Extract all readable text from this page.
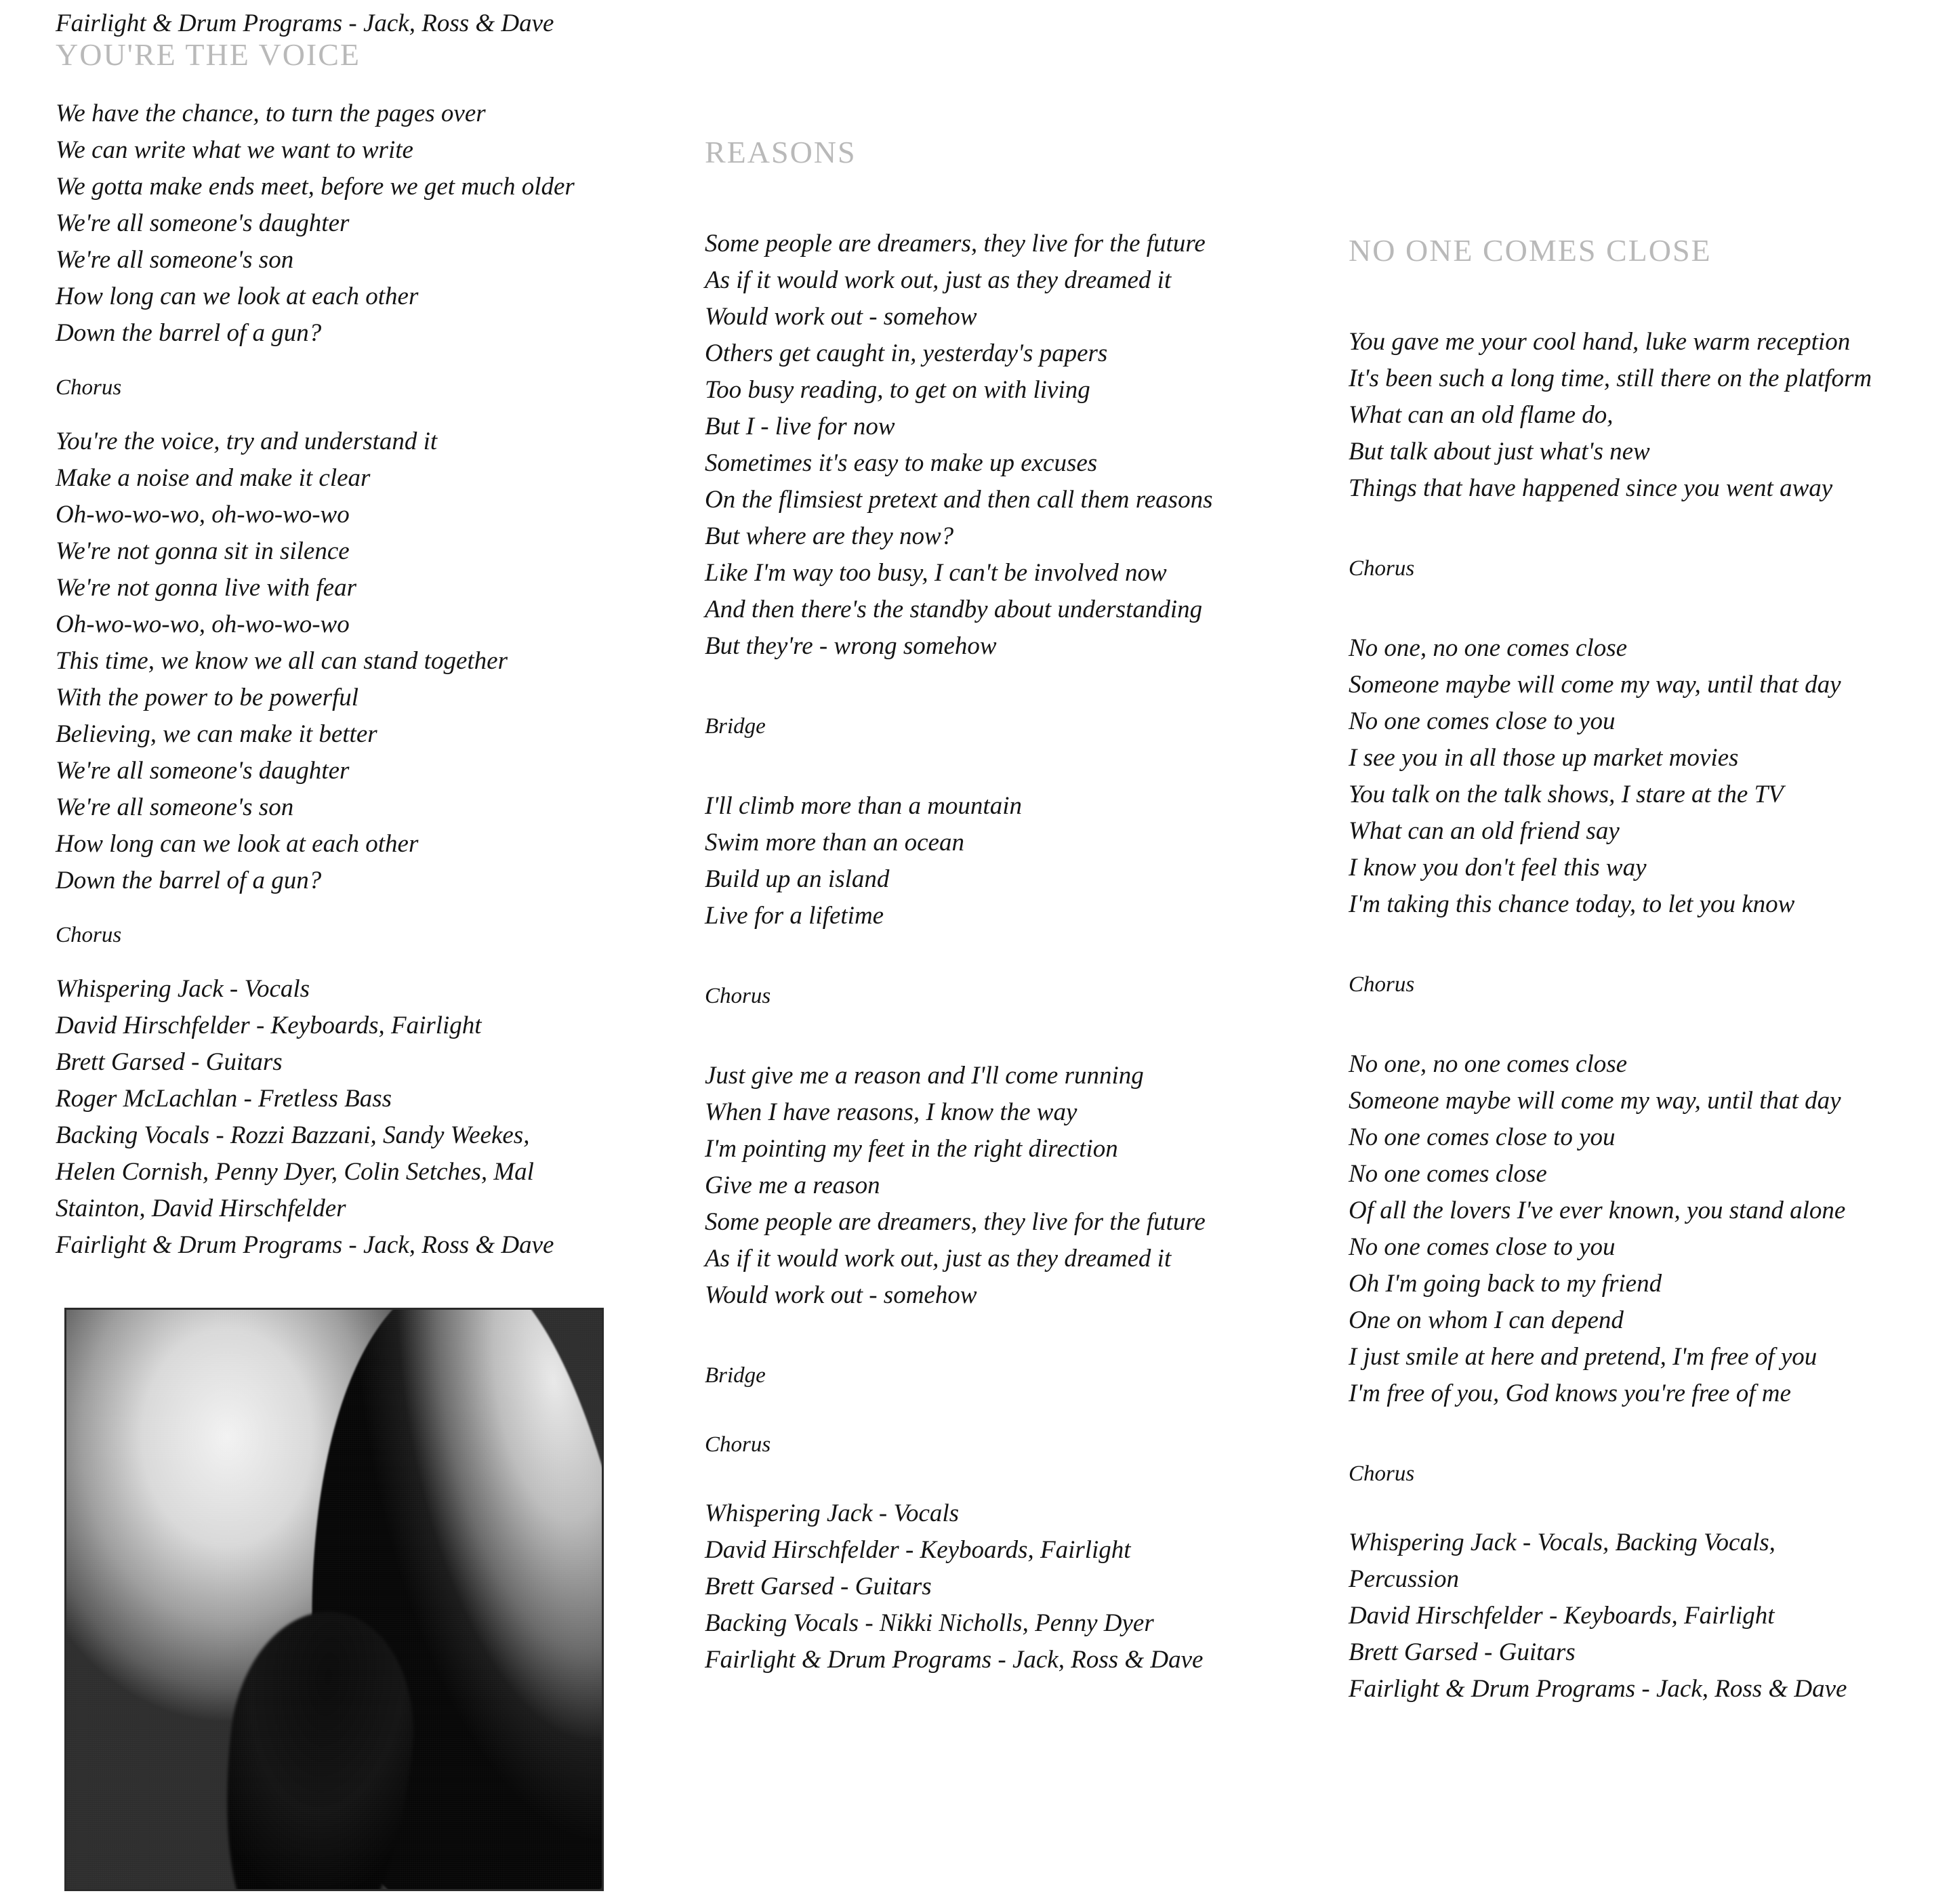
Fairlight & Drum Programs - Jack, Ross & Dave
YOU'RE THE VOICE
We have the chance, to turn the pages over
We can write what we want to write
We gotta make ends meet, before we get much older
We're all someone's daughter
We're all someone's son
How long can we look at each other
Down the barrel of a gun?
Chorus
You're the voice, try and understand it
Make a noise and make it clear
Oh-wo-wo-wo, oh-wo-wo-wo
We're not gonna sit in silence
We're not gonna live with fear
Oh-wo-wo-wo, oh-wo-wo-wo
This time, we know we all can stand together
With the power to be powerful
Believing, we can make it better
We're all someone's daughter
We're all someone's son
How long can we look at each other
Down the barrel of a gun?
Chorus
Whispering Jack - Vocals
David Hirschfelder - Keyboards, Fairlight
Brett Garsed - Guitars
Roger McLachlan - Fretless Bass
Backing Vocals - Rozzi Bazzani, Sandy Weekes,
Helen Cornish, Penny Dyer, Colin Setches, Mal
Stainton, David Hirschfelder
Fairlight & Drum Programs - Jack, Ross & Dave
REASONS
Some people are dreamers, they live for the future
As if it would work out, just as they dreamed it
Would work out - somehow
Others get caught in, yesterday's papers
Too busy reading, to get on with living
But I - live for now
Sometimes it's easy to make up excuses
On the flimsiest pretext and then call them reasons
But where are they now?
Like I'm way too busy, I can't be involved now
And then there's the standby about understanding
But they're - wrong somehow
Bridge
I'll climb more than a mountain
Swim more than an ocean
Build up an island
Live for a lifetime
Chorus
Just give me a reason and I'll come running
When I have reasons, I know the way
I'm pointing my feet in the right direction
Give me a reason
Some people are dreamers, they live for the future
As if it would work out, just as they dreamed it
Would work out - somehow
Bridge
Chorus
Whispering Jack - Vocals
David Hirschfelder - Keyboards, Fairlight
Brett Garsed - Guitars
Backing Vocals - Nikki Nicholls, Penny Dyer
Fairlight & Drum Programs - Jack, Ross & Dave
NO ONE COMES CLOSE
You gave me your cool hand, luke warm reception
It's been such a long time, still there on the platform
What can an old flame do,
But talk about just what's new
Things that have happened since you went away
Chorus
No one, no one comes close
Someone maybe will come my way, until that day
No one comes close to you
I see you in all those up market movies
You talk on the talk shows, I stare at the TV
What can an old friend say
I know you don't feel this way
I'm taking this chance today, to let you know
Chorus
No one, no one comes close
Someone maybe will come my way, until that day
No one comes close to you
No one comes close
Of all the lovers I've ever known, you stand alone
No one comes close to you
Oh I'm going back to my friend
One on whom I can depend
I just smile at here and pretend, I'm free of you
I'm free of you, God knows you're free of me
Chorus
Whispering Jack - Vocals, Backing Vocals,
Percussion
David Hirschfelder - Keyboards, Fairlight
Brett Garsed - Guitars
Fairlight & Drum Programs - Jack, Ross & Dave
